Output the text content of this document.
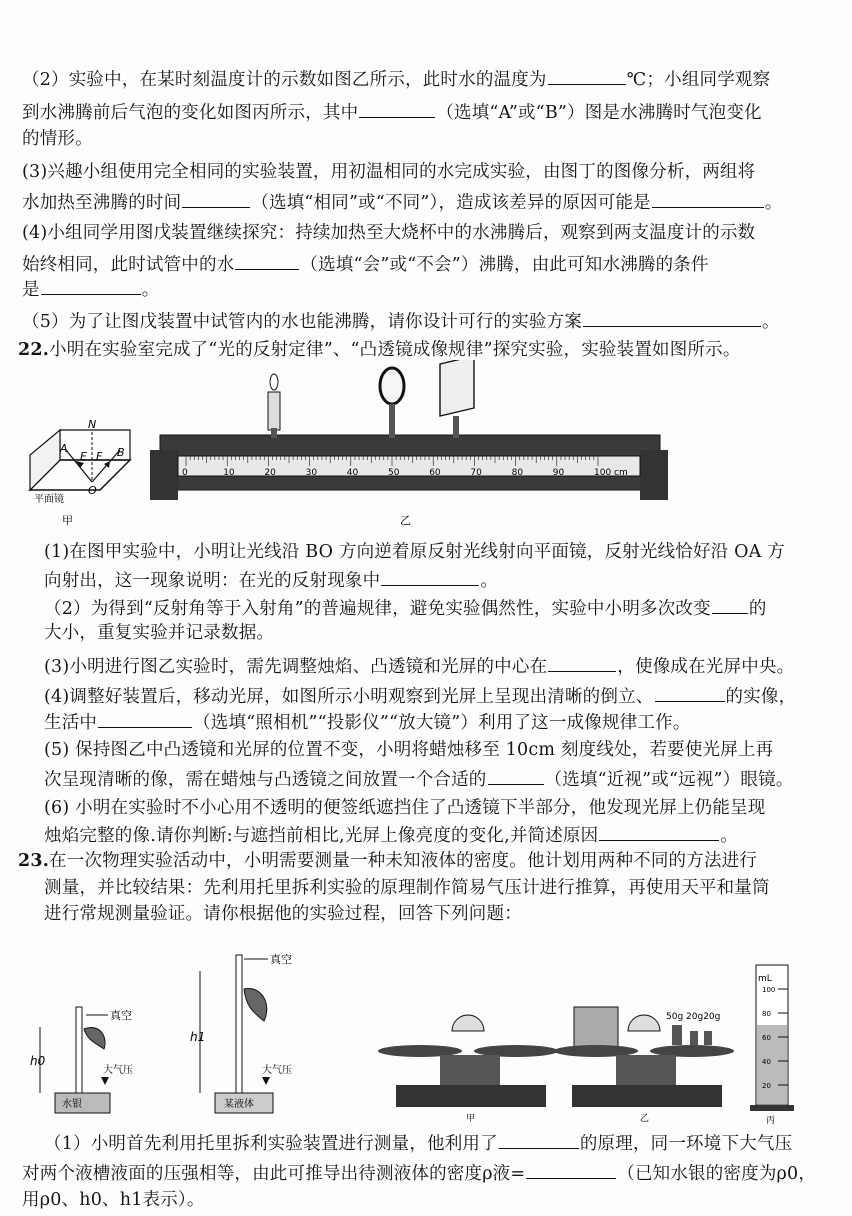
（2）实验中，在某时刻温度计的示数如图乙所示，此时水的温度为	℃；小组同学观察
到水沸腾前后气泡的变化如图丙所示，其中	（选填“A”或“B”）图是水沸腾时气泡变化
的情形。
(3)兴趣小组使用完全相同的实验装置，用初温相同的水完成实验，由图丁的图像分析，两组将
水加热至沸腾的时间	（选填“相同”或“不同”），造成该差异的原因可能是	。
(4)小组同学用图戊装置继续探究：持续加热至大烧杯中的水沸腾后，观察到两支温度计的示数
始终相同，此时试管中的水	（选填“会”或“不会”）沸腾，由此可知水沸腾的条件
是	。
（5）为了让图戊装置中试管内的水也能沸腾，请你设计可行的实验方案	。
22.小明在实验室完成了“光的反射定律”、“凸透镜成像规律”探究实验，实验装置如图所示。
(1)在图甲实验中，小明让光线沿 BO 方向逆着原反射光线射向平面镜，反射光线恰好沿 OA 方
向射出，这一现象说明：在光的反射现象中	。
（2）为得到“反射角等于入射角”的普遍规律，避免实验偶然性，实验中小明多次改变 的
大小，重复实验并记录数据。
(3)小明进行图乙实验时，需先调整烛焰、凸透镜和光屏的中心在	，使像成在光屏中央。
(4)调整好装置后，移动光屏，如图所示小明观察到光屏上呈现出清晰的倒立、	的实像，
生活中	（选填“照相机”“投影仪”“放大镜”）利用了这一成像规律工作。
(5) 保持图乙中凸透镜和光屏的位置不变，小明将蜡烛移至 10cm 刻度线处，若要使光屏上再
次呈现清晰的像，需在蜡烛与凸透镜之间放置一个合适的	（选填“近视”或“远视”）眼镜。
(6) 小明在实验时不小心用不透明的便签纸遮挡住了凸透镜下半部分，他发现光屏上仍能呈现
烛焰完整的像.请你判断:与遮挡前相比,光屏上像亮度的变化,并简述原因	。
23.在一次物理实验活动中，小明需要测量一种未知液体的密度。他计划用两种不同的方法进行
测量，并比较结果：先利用托里拆利实验的原理制作简易气压计进行推算，再使用天平和量筒
进行常规测量验证。请你根据他的实验过程，回答下列问题：
（1）小明首先利用托里拆利实验装置进行测量，他利用了	的原理，同一环境下大气压
对两个液槽液面的压强相等，由此可推导出待测液体的密度ρ液=	（已知水银的密度为ρ0，
用ρ0、h0、h1表示）。
N
A
E F B
O
平面镜
甲
0	10	20	30	40	50	60	70	80	90	100 cm
乙
真空
h0
大气压
水银
真空
h1
大气压
某液体
甲
50g 20g20g
乙
mL
100
80
60
40
20
丙
